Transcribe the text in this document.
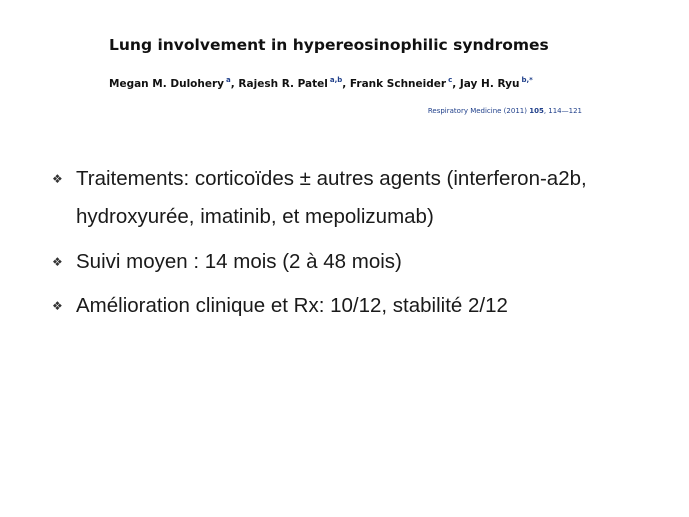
Lung involvement in hypereosinophilic syndromes
Megan M. Dulohery $^a$, Rajesh R. Patel $^{a,b}$, Frank Schneider $^c$, Jay H. Ryu $^{b,*}$
Respiratory Medicine (2011) 105, 114—121
❖ Traitements: corticoïdes ± autres agents (interferon-a2b, hydroxyurée, imatinib, et mepolizumab)
❖ Suivi moyen : 14 mois (2 à 48 mois)
❖ Amélioration clinique et Rx: 10/12, stabilité 2/12
